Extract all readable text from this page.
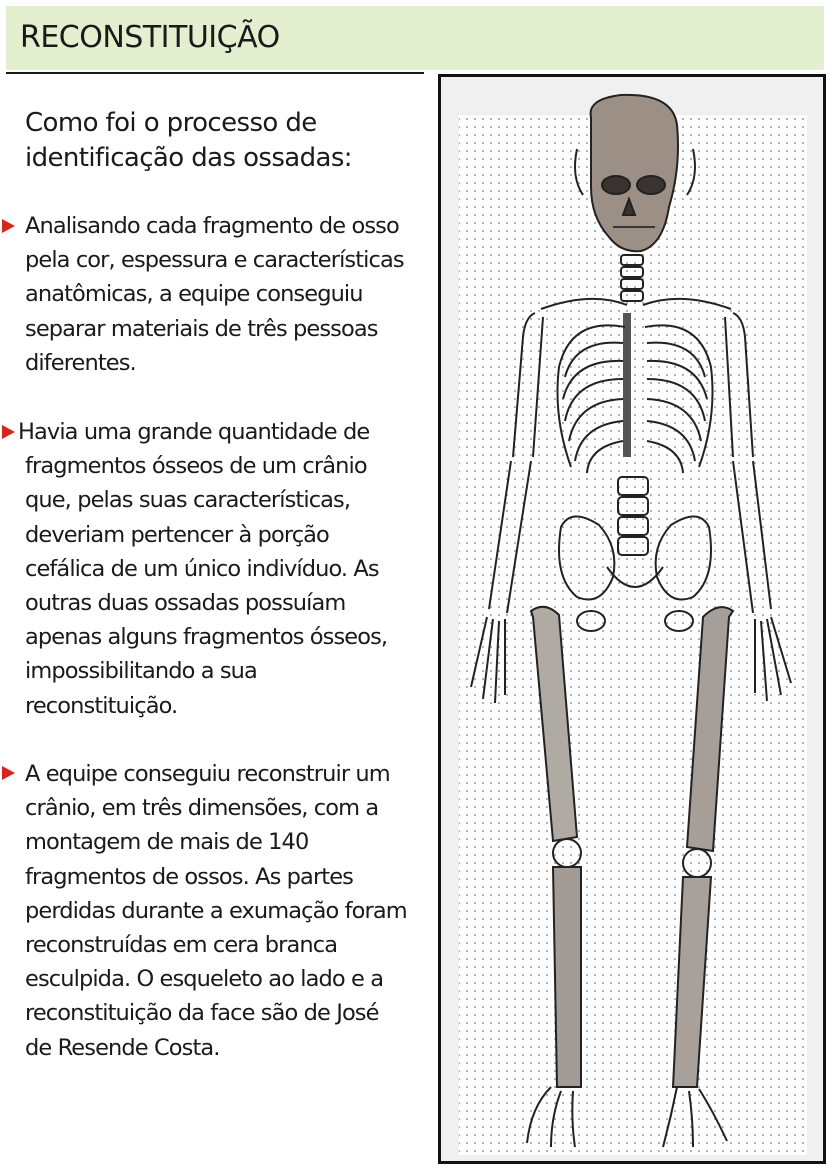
RECONSTITUIÇÃO
Como foi o processo de
identificação das ossadas:
Analisando cada fragmento de osso
pela cor, espessura e características
anatômicas, a equipe conseguiu
separar materiais de três pessoas
diferentes.
Havia uma grande quantidade de
fragmentos ósseos de um crânio
que, pelas suas características,
deveriam pertencer à porção
cefálica de um único indivíduo. As
outras duas ossadas possuíam
apenas alguns fragmentos ósseos,
impossibilitando a sua
reconstituição.
A equipe conseguiu reconstruir um
crânio, em três dimensões, com a
montagem de mais de 140
fragmentos de ossos. As partes
perdidas durante a exumação foram
reconstruídas em cera branca
esculpida. O esqueleto ao lado e a
reconstituição da face são de José
de Resende Costa.
